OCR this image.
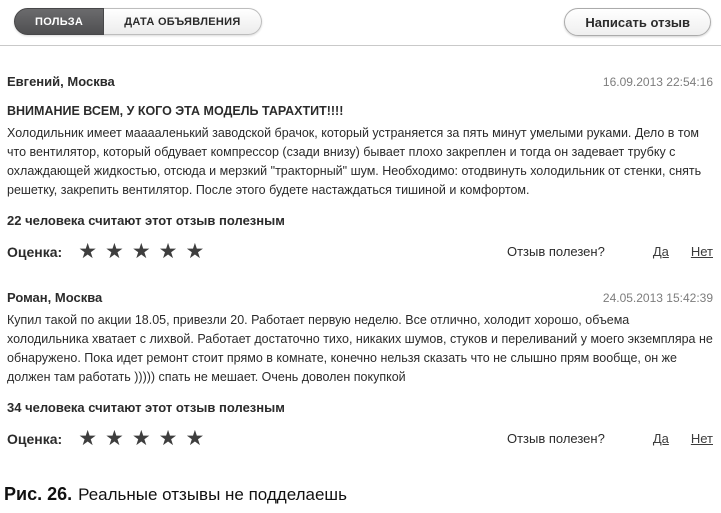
ПОЛЬЗА	ДАТА ОБЪЯВЛЕНИЯ	Написать отзыв
Евгений, Москва	16.09.2013 22:54:16
ВНИМАНИЕ ВСЕМ, У КОГО ЭТА МОДЕЛЬ ТАРАХТИТ!!!!
Холодильник имеет мааааленький заводской брачок, который устраняется за пять минут умелыми руками. Дело в том что вентилятор, который обдувает компрессор (сзади внизу) бывает плохо закреплен и тогда он задевает трубку с охлаждающей жидкостью, отсюда и мерзкий "тракторный" шум. Необходимо: отодвинуть холодильник от стенки, снять решетку, закрепить вентилятор. После этого будете настаждаться тишиной и комфортом.
22 человека считают этот отзыв полезным
Оценка: ★★★★★	Отзыв полезен?	Да Нет
Роман, Москва	24.05.2013 15:42:39
Купил такой по акции 18.05, привезли 20. Работает первую неделю. Все отлично, холодит хорошо, объема холодильника хватает с лихвой. Работает достаточно тихо, никаких шумов, стуков и переливаний у моего экземпляра не обнаружено. Пока идет ремонт стоит прямо в комнате, конечно нельзя сказать что не слышно прям вообще, он же должен там работать ))))) спать не мешает. Очень доволен покупкой
34 человека считают этот отзыв полезным
Оценка: ★★★★★	Отзыв полезен?	Да Нет
Рис. 26. Реальные отзывы не подделаешь
